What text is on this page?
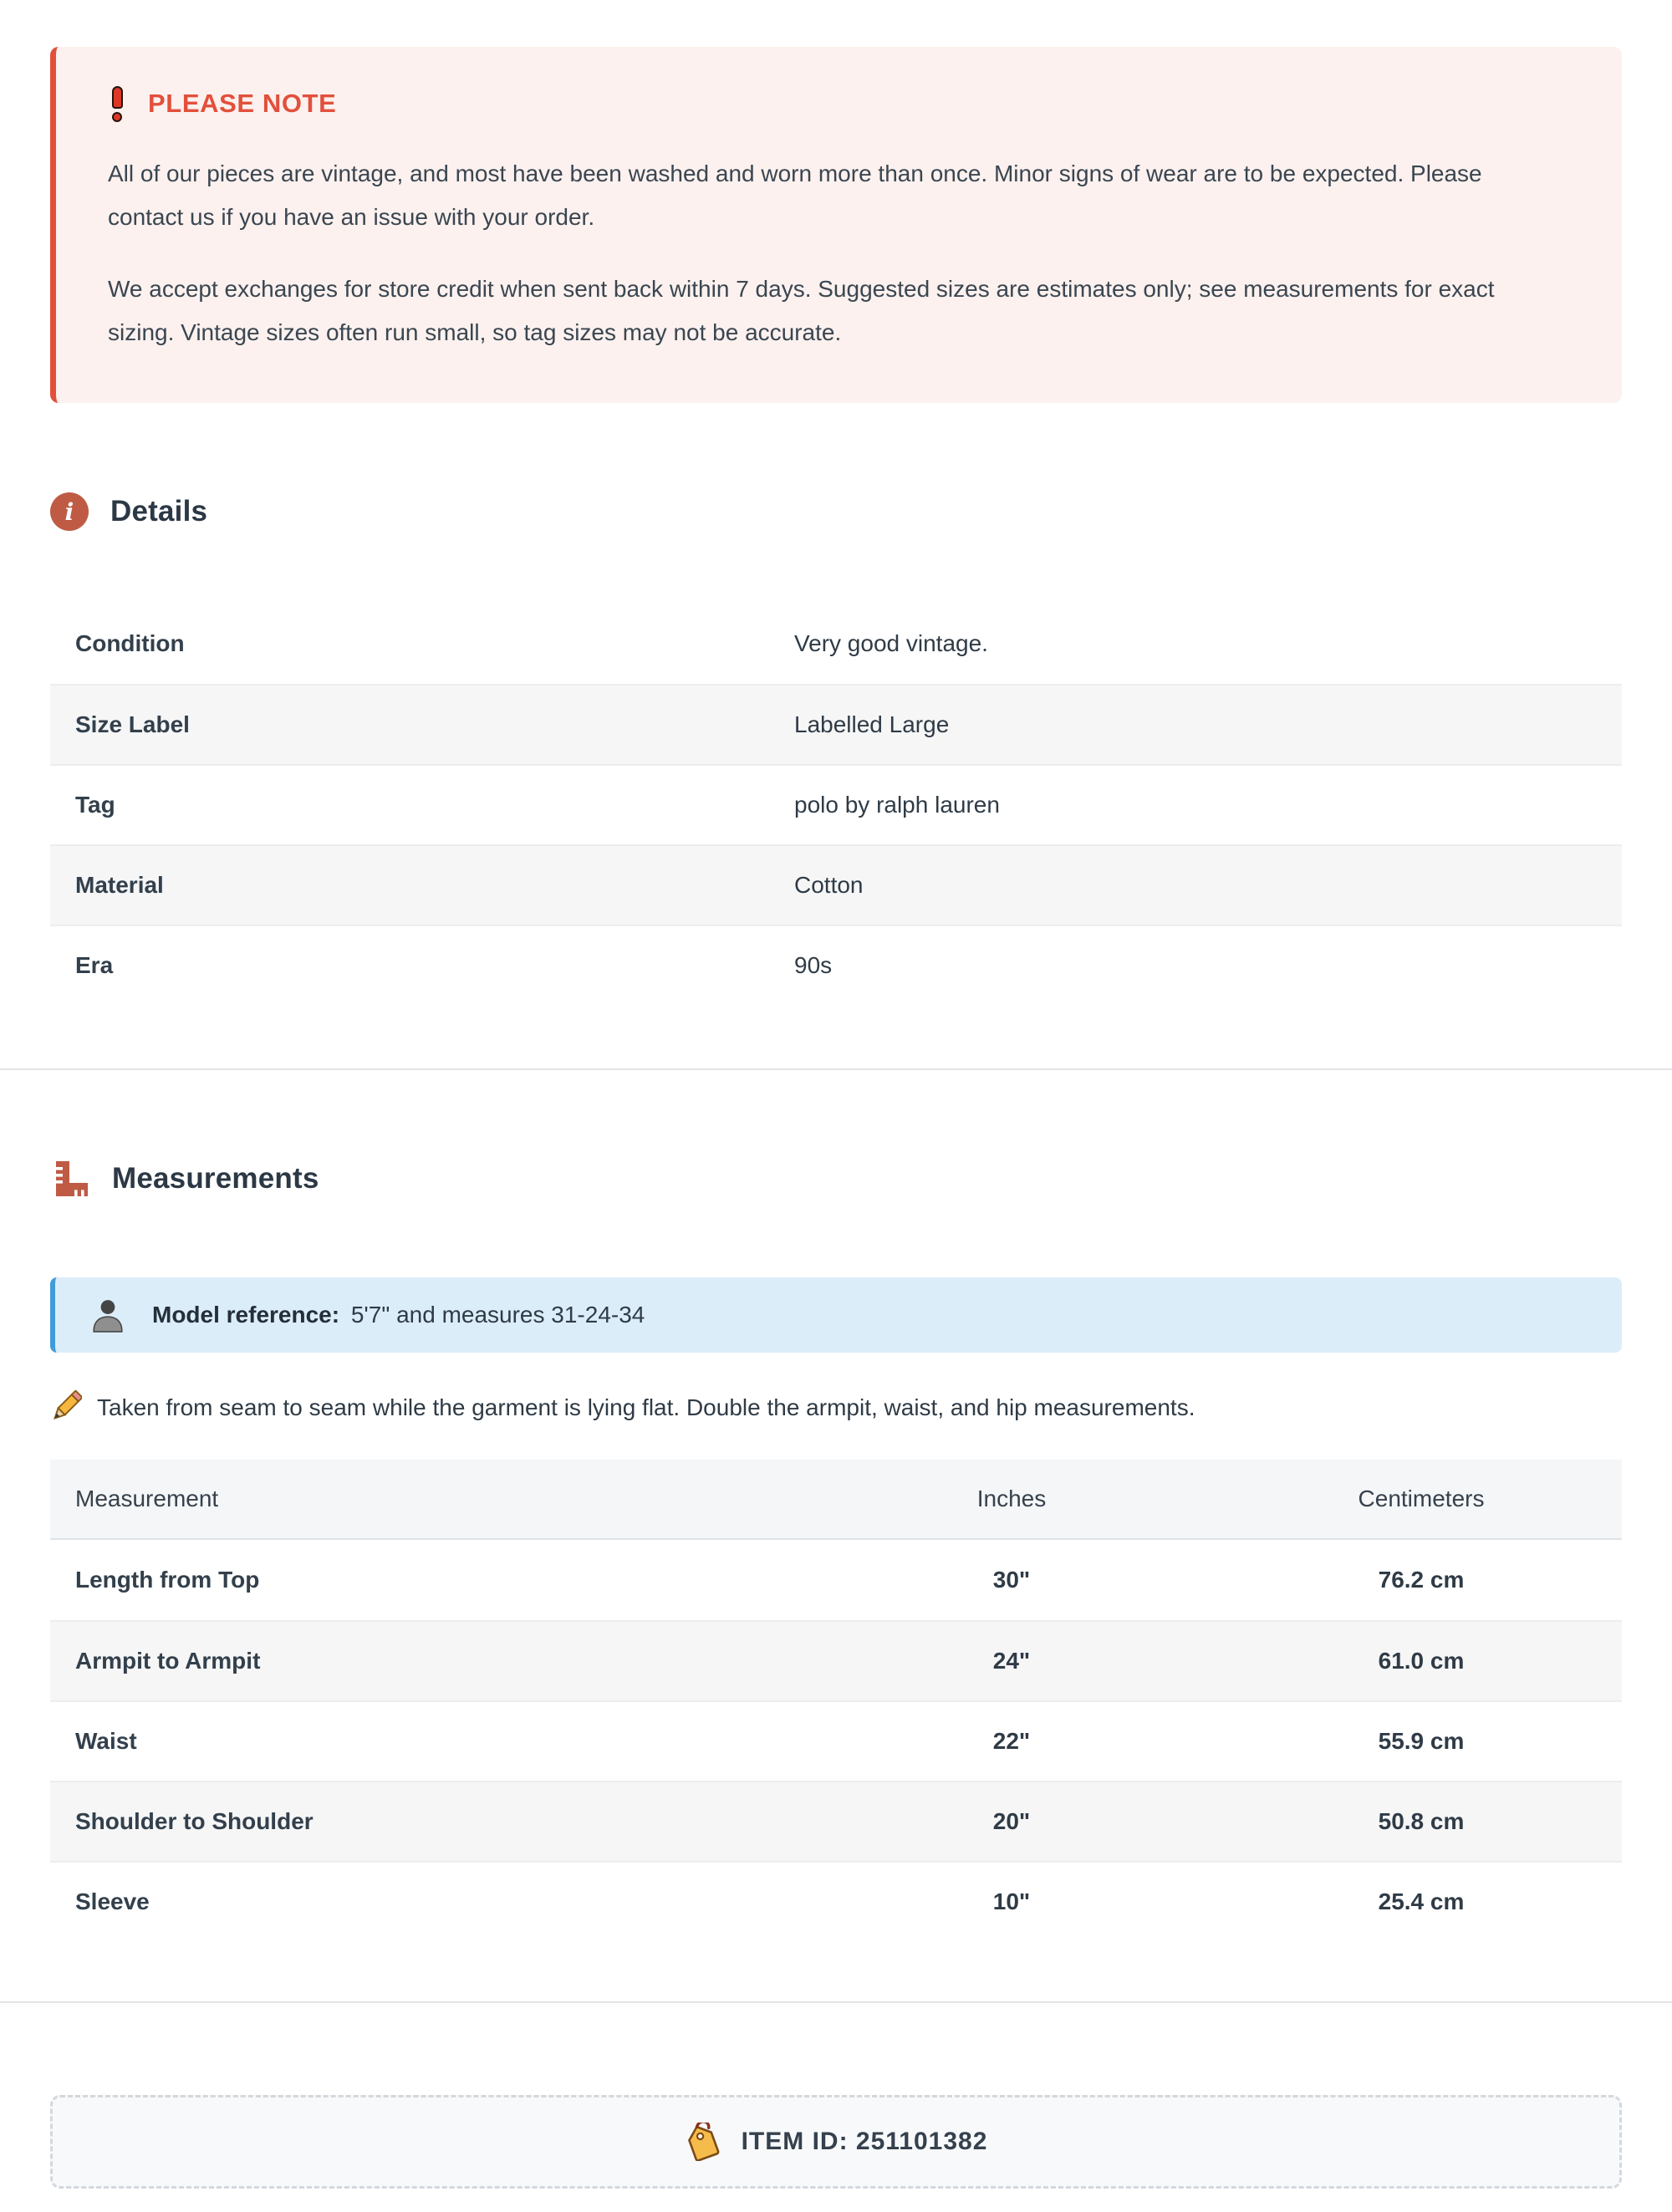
PLEASE NOTE

All of our pieces are vintage, and most have been washed and worn more than once. Minor signs of wear are to be expected. Please contact us if you have an issue with your order.

We accept exchanges for store credit when sent back within 7 days. Suggested sizes are estimates only; see measurements for exact sizing. Vintage sizes often run small, so tag sizes may not be accurate.

i	Details
Condition	Very good vintage.
Size Label	Labelled Large
Tag	polo by ralph lauren
Material	Cotton
Era	90s
Measurements
Model reference: 5'7" and measures 31-24-34
Taken from seam to seam while the garment is lying flat. Double the armpit, waist, and hip measurements.
Measurement	Inches	Centimeters
Length from Top	30"	76.2 cm
Armpit to Armpit	24"	61.0 cm
Waist	22"	55.9 cm
Shoulder to Shoulder	20"	50.8 cm
Sleeve	10"	25.4 cm
ITEM ID: 251101382
